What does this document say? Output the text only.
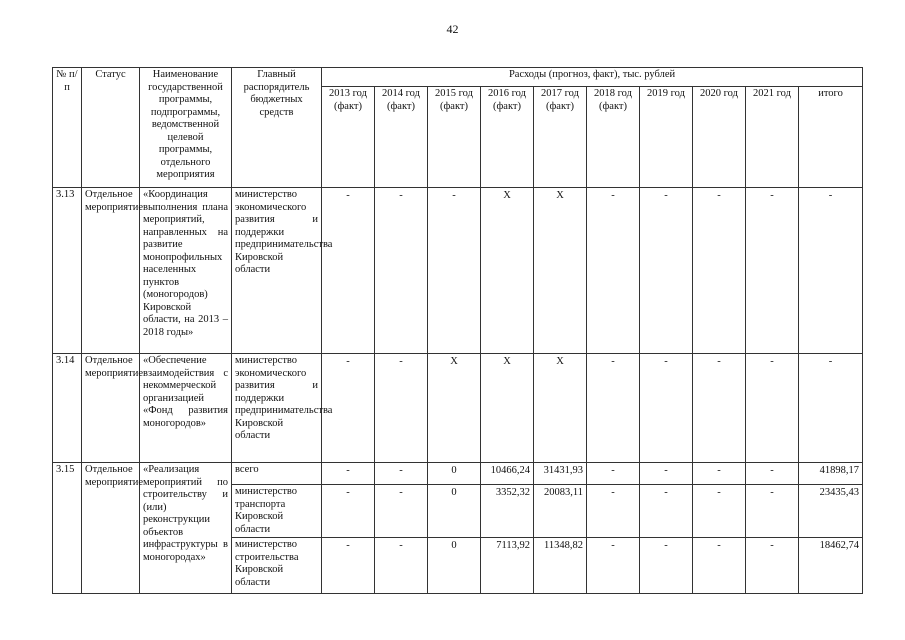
42
№ п/п	Статус	Наименование государственной программы, подпрограммы, ведомственной целевой программы, отдельного мероприятия	Главный распорядитель бюджетных средств	Расходы (прогноз, факт), тыс. рублей									
				2013 год (факт)	2014 год (факт)	2015 год (факт)	2016 год (факт)	2017 год (факт)	2018 год (факт)	2019 год	2020 год	2021 год	итого
3.13	Отдельное мероприятие	«Координация выполнения плана мероприятий, направленных на развитие монопрофильных населенных пунктов (моногородов) Кировской области, на 2013 – 2018 годы»	министерство экономического развития и поддержки предпринимательства Кировской области	-	-	-	Х	Х	-	-	-	-	-
3.14	Отдельное мероприятие	«Обеспечение взаимодействия с некоммерческой организацией «Фонд развития моногородов»	министерство экономического развития и поддержки предпринимательства Кировской области	-	-	Х	Х	Х	-	-	-	-	-
3.15	Отдельное мероприятие	«Реализация мероприятий по строительству и (или) реконструкции объектов инфраструктуры в моногородах»	всего	-	-	0	10466,24	31431,93	-	-	-	-	41898,17
			министерство транспорта Кировской области	-	-	0	3352,32	20083,11	-	-	-	-	23435,43
			министерство строительства Кировской области	-	-	0	7113,92	11348,82	-	-	-	-	18462,74
